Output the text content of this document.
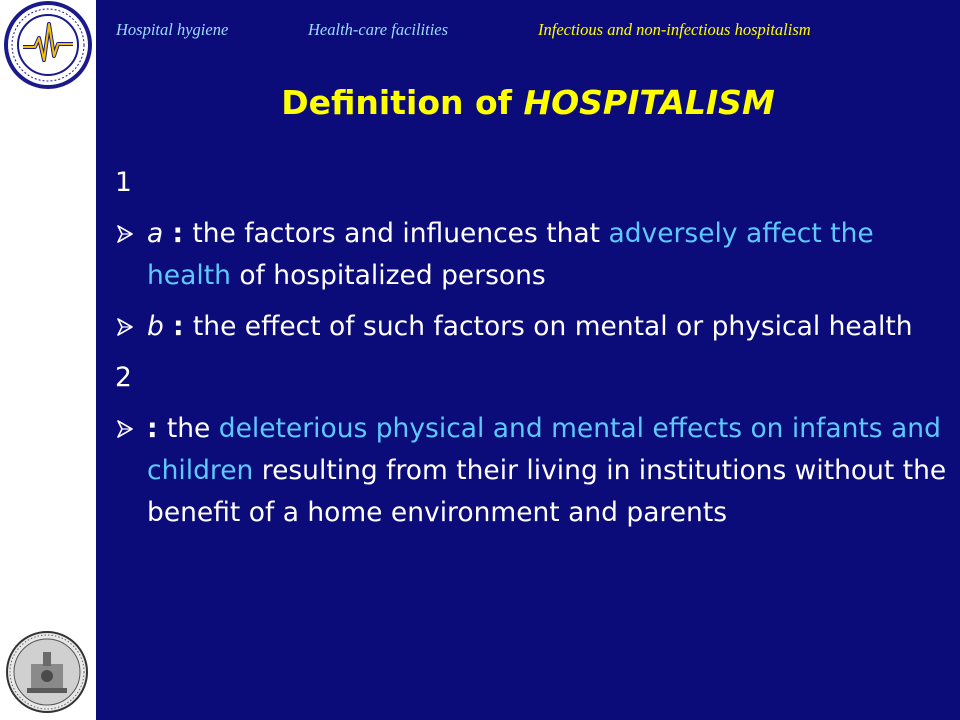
Hospital hygiene	Health-care facilities	Infectious and non-infectious hospitalism
Definition of HOSPITALISM
1
a : the factors and influences that adversely affect the health of hospitalized persons
b : the effect of such factors on mental or physical health
2
: the deleterious physical and mental effects on infants and children resulting from their living in institutions without the benefit of a home environment and parents
